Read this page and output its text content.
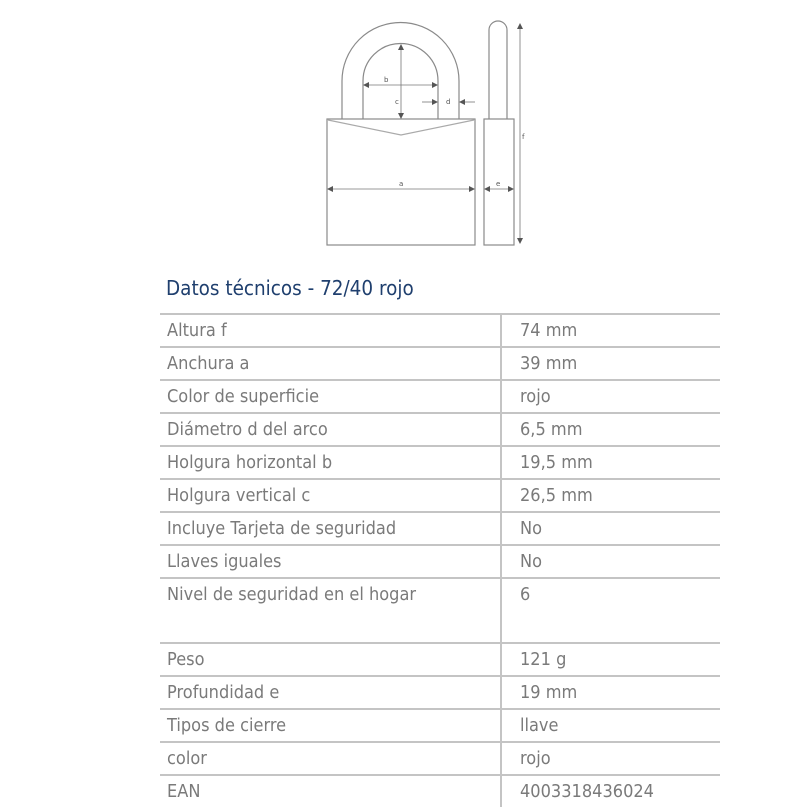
b
c	d
a	e
f
Datos técnicos - 72/40 rojo
Altura f	74 mm
Anchura a	39 mm
Color de superficie	rojo
Diámetro d del arco	6,5 mm
Holgura horizontal b	19,5 mm
Holgura vertical c	26,5 mm
Incluye Tarjeta de seguridad	No
Llaves iguales	No
Nivel de seguridad en el hogar	6
Peso	121 g
Profundidad e	19 mm
Tipos de cierre	llave
color	rojo
EAN	4003318436024
